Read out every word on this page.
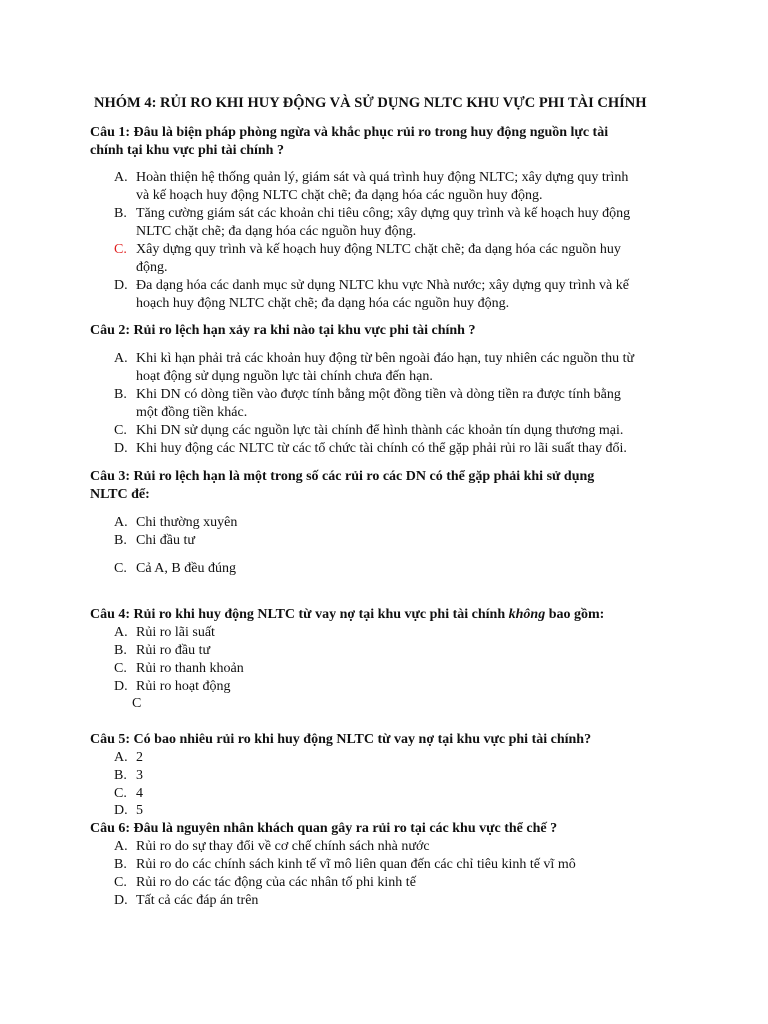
NHÓM 4: RỦI RO KHI HUY ĐỘNG VÀ SỬ DỤNG NLTC KHU VỰC PHI TÀI CHÍNH
Câu 1: Đâu là biện pháp phòng ngừa và khắc phục rủi ro trong huy động nguồn lực tài
chính tại khu vực phi tài chính ?
A. Hoàn thiện hệ thống quản lý, giám sát và quá trình huy động NLTC; xây dựng quy trình
và kế hoạch huy động NLTC chặt chẽ; đa dạng hóa các nguồn huy động.
B. Tăng cường giám sát các khoản chi tiêu công; xây dựng quy trình và kế hoạch huy động
NLTC chặt chẽ; đa dạng hóa các nguồn huy động.
C. Xây dựng quy trình và kế hoạch huy động NLTC chặt chẽ; đa dạng hóa các nguồn huy
động.
D. Đa dạng hóa các danh mục sử dụng NLTC khu vực Nhà nước; xây dựng quy trình và kế
hoạch huy động NLTC chặt chẽ; đa dạng hóa các nguồn huy động.
Câu 2: Rủi ro lệch hạn xảy ra khi nào tại khu vực phi tài chính ?
A. Khi kì hạn phải trả các khoản huy động từ bên ngoài đáo hạn, tuy nhiên các nguồn thu từ
hoạt động sử dụng nguồn lực tài chính chưa đến hạn.
B. Khi DN có dòng tiền vào được tính bằng một đồng tiền và dòng tiền ra được tính bằng
một đồng tiền khác.
C. Khi DN sử dụng các nguồn lực tài chính để hình thành các khoản tín dụng thương mại.
D. Khi huy động các NLTC từ các tổ chức tài chính có thể gặp phải rủi ro lãi suất thay đổi.
Câu 3: Rủi ro lệch hạn là một trong số các rủi ro các DN có thể gặp phải khi sử dụng
NLTC để:
A. Chi thường xuyên
B. Chi đầu tư
C. Cả A, B đều đúng
Câu 4: Rủi ro khi huy động NLTC từ vay nợ tại khu vực phi tài chính không bao gồm:
A. Rủi ro lãi suất
B. Rủi ro đầu tư
C. Rủi ro thanh khoản
D. Rủi ro hoạt động
C
Câu 5: Có bao nhiêu rủi ro khi huy động NLTC từ vay nợ tại khu vực phi tài chính?
A. 2
B. 3
C. 4
D. 5
Câu 6: Đâu là nguyên nhân khách quan gây ra rủi ro tại các khu vực thể chế ?
A. Rủi ro do sự thay đổi về cơ chế chính sách nhà nước
B. Rủi ro do các chính sách kinh tế vĩ mô liên quan đến các chỉ tiêu kinh tế vĩ mô
C. Rủi ro do các tác động của các nhân tố phi kinh tế
D. Tất cả các đáp án trên
